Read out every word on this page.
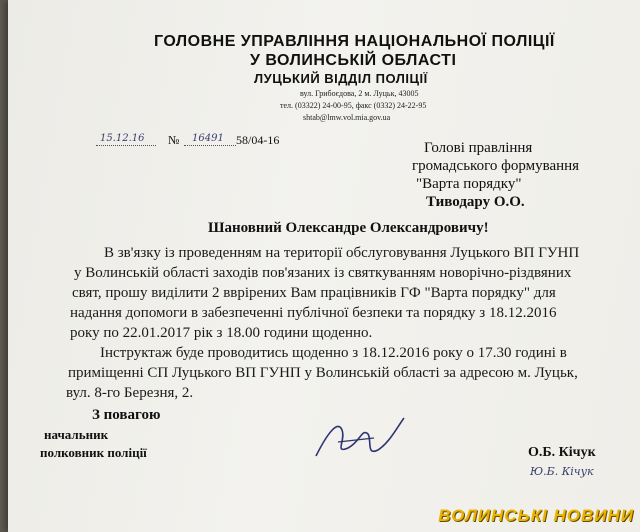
ГОЛОВНЕ УПРАВЛІННЯ НАЦІОНАЛЬНОЇ ПОЛІЦІЇ
У ВОЛИНСЬКІЙ ОБЛАСТІ
ЛУЦЬКИЙ ВІДДІЛ ПОЛІЦІЇ
вул. Грибоєдова, 2 м. Луцьк, 43005
тел. (03322) 24-00-95, факс (0332) 24-22-95
shtab@lmw.vol.mia.gov.ua
15.12.16 № 16491 58/04-16	Голові правління
громадського формування
"Варта порядку"
Тиводару О.О.
Шановний Олександре Олександровичу!
В зв'язку із проведенням на території обслуговування Луцького ВП ГУНП
у Волинській області заходів пов'язаних із святкуванням новорічно-різдвяних
свят, прошу виділити 2 вврірених Вам працівників ГФ "Варта порядку" для
надання допомоги в забезпеченні публічної безпеки та порядку з 18.12.2016
року по 22.01.2017 рік з 18.00 години щоденно.
Інструктаж буде проводитись щоденно з 18.12.2016 року о 17.30 годині в
приміщенні СП Луцького ВП ГУНП у Волинській області за адресою м. Луцьк,
вул. 8-го Березня, 2.
З повагою
начальник
полковник поліції	О.Б. Кічук
Ю.Б. Кічук
ВОЛИНСЬКІ НОВИНИ
